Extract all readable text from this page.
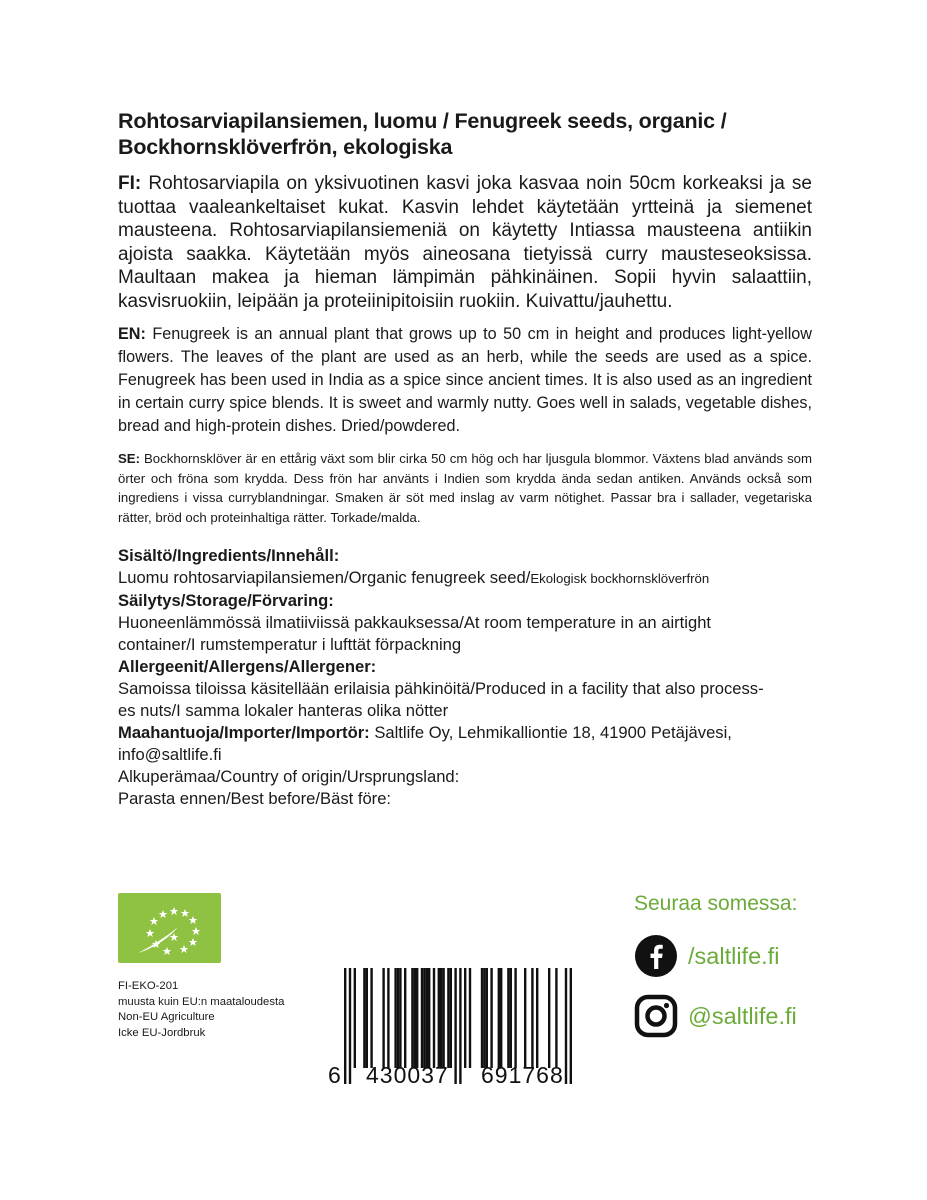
Rohtosarviapilansiemen, luomu / Fenugreek seeds, organic / Bockhornsklöverfrön, ekologiska

FI: Rohtosarviapila on yksivuotinen kasvi joka kasvaa noin 50cm korkeaksi ja se tuottaa vaaleankeltaiset kukat. Kasvin lehdet käytetään yrtteinä ja siemenet mausteena. Rohtosarviapilansiemeniä on käytetty Intiassa mausteena antiikin ajoista saakka. Käytetään myös aineosana tietyissä curry mausteseoksissa. Maultaan makea ja hieman lämpimän pähkinäinen. Sopii hyvin salaattiin, kasvisruokiin, leipään ja proteiinipitoisiin ruokiin. Kuivattu/jauhettu.

EN: Fenugreek is an annual plant that grows up to 50 cm in height and produces light-yellow flowers. The leaves of the plant are used as an herb, while the seeds are used as a spice. Fenugreek has been used in India as a spice since ancient times. It is also used as an ingredient in certain curry spice blends. It is sweet and warmly nutty. Goes well in salads, vegetable dishes, bread and high-protein dishes. Dried/powdered.

SE: Bockhornsklöver är en ettårig växt som blir cirka 50 cm hög och har ljusgula blommor. Växtens blad används som örter och fröna som krydda. Dess frön har använts i Indien som krydda ända sedan antiken. Används också som ingrediens i vissa curryblandningar. Smaken är söt med inslag av varm nötighet. Passar bra i sallader, vegetariska rätter, bröd och proteinhaltiga rätter. Torkade/malda.

Sisältö/Ingredients/Innehåll:
Luomu rohtosarviapilansiemen/Organic fenugreek seed/Ekologisk bockhornsklöverfrön
Säilytys/Storage/Förvaring:
Huoneenlämmössä ilmatiiviissä pakkauksessa/At room temperature in an airtight
container/I rumstemperatur i lufttät förpackning
Allergeenit/Allergens/Allergener:
Samoissa tiloissa käsitellään erilaisia pähkinöitä/Produced in a facility that also process-
es nuts/I samma lokaler hanteras olika nötter
Maahantuoja/Importer/Importör: Saltlife Oy, Lehmikalliontie 18, 41900 Petäjävesi,
info@saltlife.fi
Alkuperämaa/Country of origin/Ursprungsland:
Parasta ennen/Best before/Bäst före:
FI-EKO-201
muusta kuin EU:n maataloudesta
Non-EU Agriculture
Icke EU-Jordbruk
6 430037 691768

Seuraa somessa:

/saltlife.fi
@saltlife.fi
